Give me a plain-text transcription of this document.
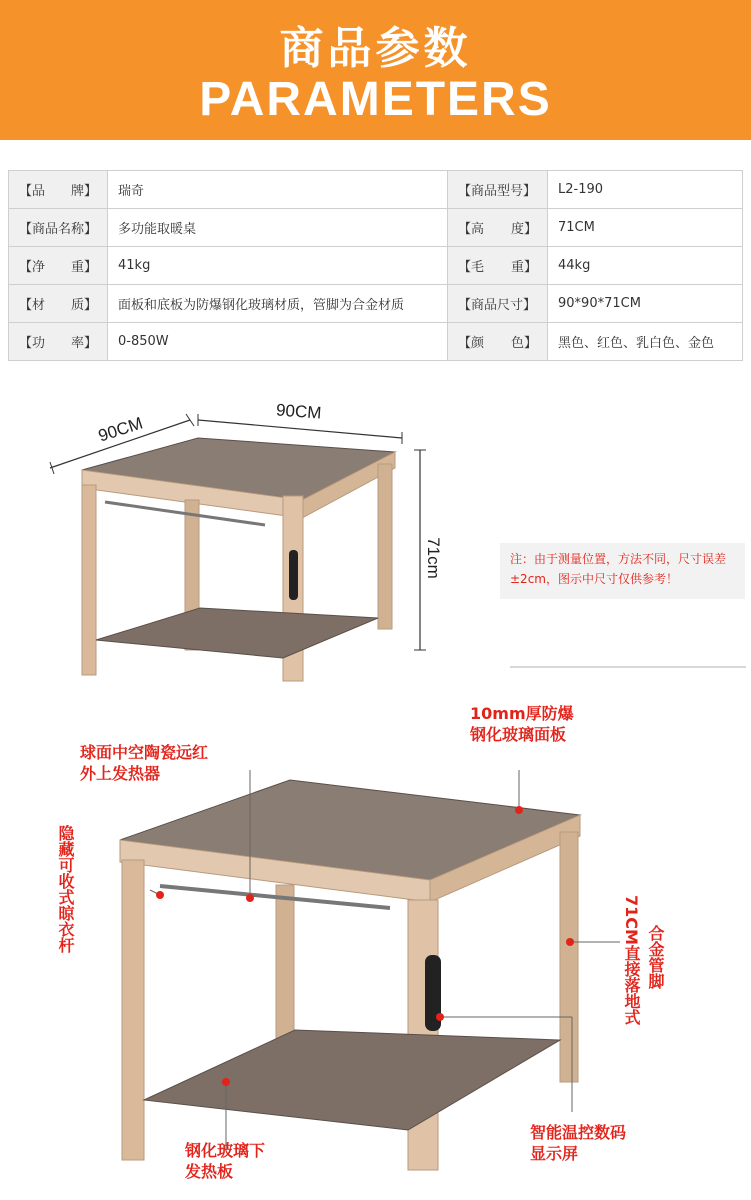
商品参数
PARAMETERS
【品 牌】	瑞奇	【商品型号】	L2-190

【商品名称】	多功能取暖桌	【高 度】	71CM

【净 重】	41kg	【毛 重】	44kg

【材 质】	面板和底板为防爆钢化玻璃材质，管脚为合金材质	【商品尺寸】	90*90*71CM

【功 率】	0-850W	【颜 色】	黑色、红色、乳白色、金色
90CM
90CM
71cm	注：由于测量位置，方法不同，尺寸误差±2cm，图示中尺寸仅供参考！
10mm厚防爆钢化玻璃面板
球面中空陶瓷远红外上发热器
隐藏可收式晾衣杆
合金管脚
71CM直接落地式
钢化玻璃下发热板
智能温控数码显示屏
